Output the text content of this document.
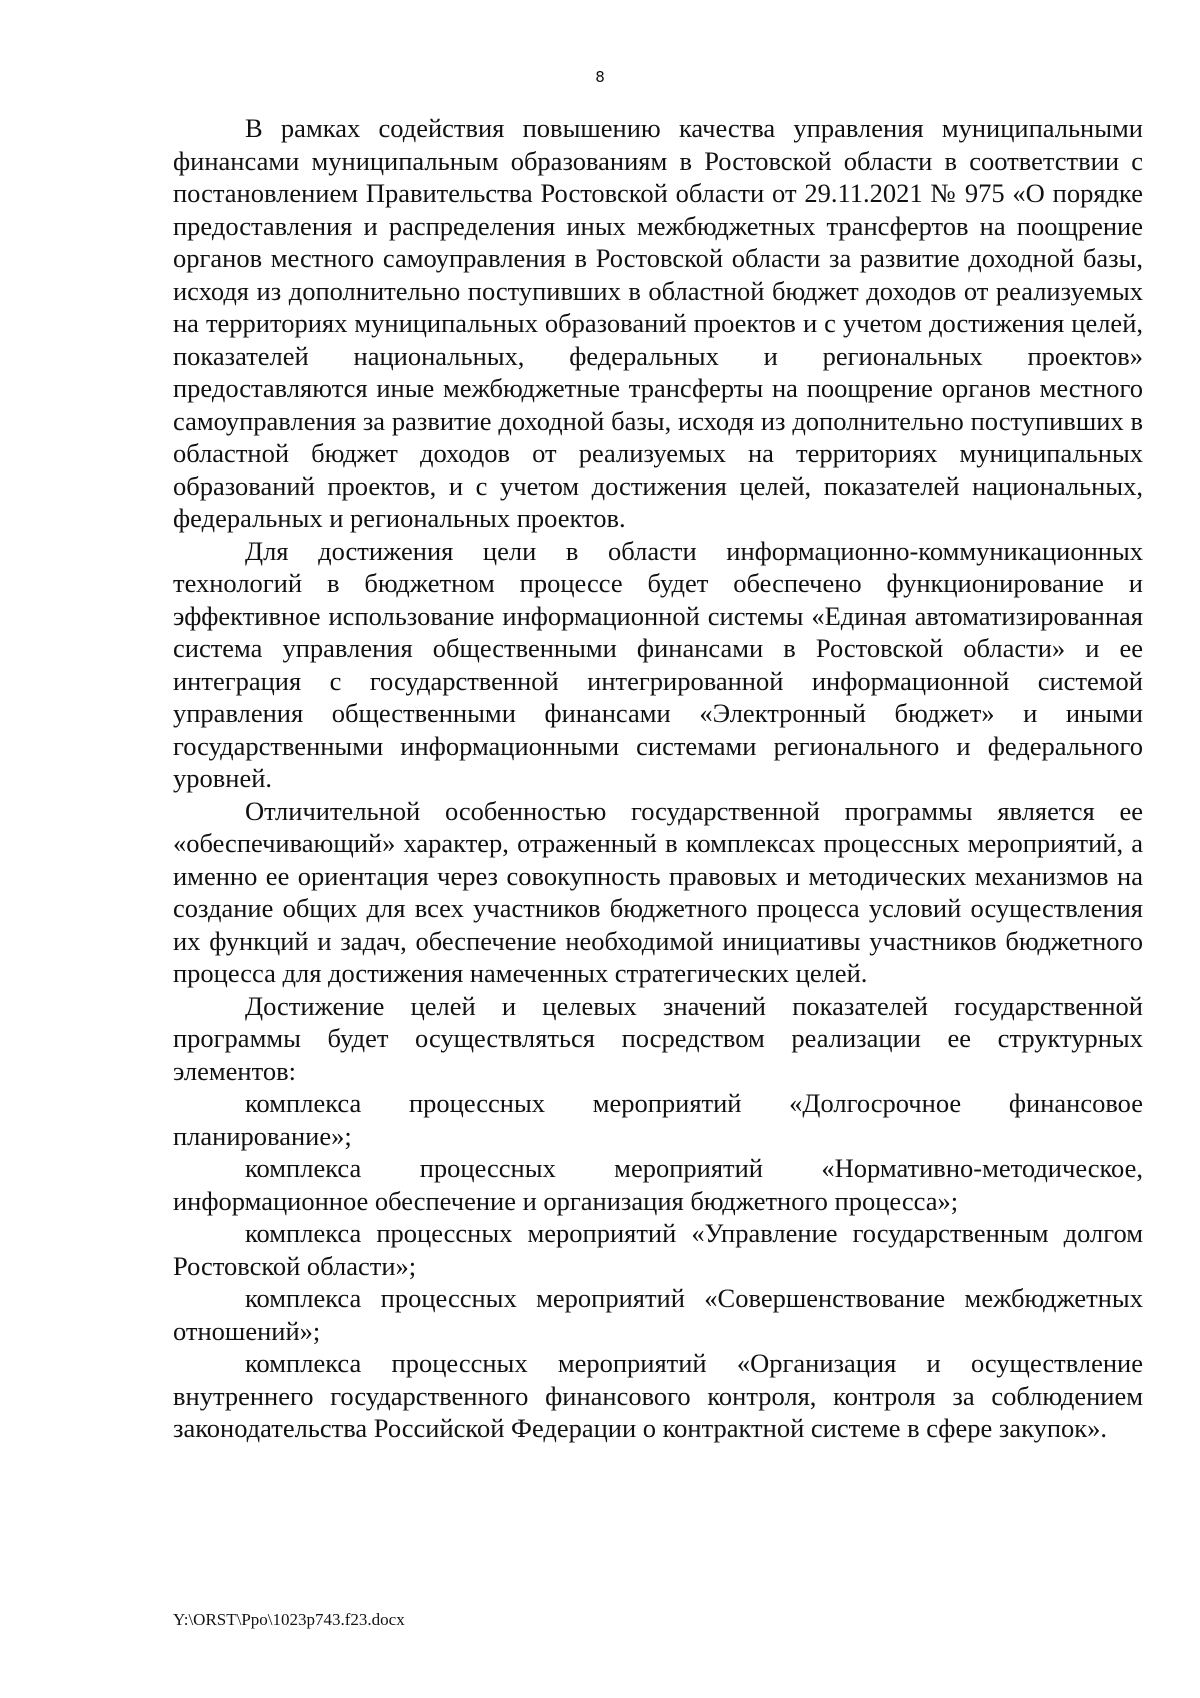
8

В рамках содействия повышению качества управления муниципальными финансами муниципальным образованиям в Ростовской области в соответствии с постановлением Правительства Ростовской области от 29.11.2021 № 975 «О порядке предоставления и распределения иных межбюджетных трансфертов на поощрение органов местного самоуправления в Ростовской области за развитие доходной базы, исходя из дополнительно поступивших в областной бюджет доходов от реализуемых на территориях муниципальных образований проектов и с учетом достижения целей, показателей национальных, федеральных и региональных проектов» предоставляются иные межбюджетные трансферты на поощрение органов местного самоуправления за развитие доходной базы, исходя из дополнительно поступивших в областной бюджет доходов от реализуемых на территориях муниципальных образований проектов, и с учетом достижения целей, показателей национальных, федеральных и региональных проектов.

Для достижения цели в области информационно-коммуникационных технологий в бюджетном процессе будет обеспечено функционирование и эффективное использование информационной системы «Единая автоматизированная система управления общественными финансами в Ростовской области» и ее интеграция с государственной интегрированной информационной системой управления общественными финансами «Электронный бюджет» и иными государственными информационными системами регионального и федерального уровней.

Отличительной особенностью государственной программы является ее «обеспечивающий» характер, отраженный в комплексах процессных мероприятий, а именно ее ориентация через совокупность правовых и методических механизмов на создание общих для всех участников бюджетного процесса условий осуществления их функций и задач, обеспечение необходимой инициативы участников бюджетного процесса для достижения намеченных стратегических целей.

Достижение целей и целевых значений показателей государственной программы будет осуществляться посредством реализации ее структурных элементов:

комплекса процессных мероприятий «Долгосрочное финансовое планирование»;

комплекса процессных мероприятий «Нормативно-методическое, информационное обеспечение и организация бюджетного процесса»;

комплекса процессных мероприятий «Управление государственным долгом Ростовской области»;

комплекса процессных мероприятий «Совершенствование межбюджетных отношений»;

комплекса процессных мероприятий «Организация и осуществление внутреннего государственного финансового контроля, контроля за соблюдением законодательства Российской Федерации о контрактной системе в сфере закупок».

Y:\ORST\Ppo\1023p743.f23.docx
